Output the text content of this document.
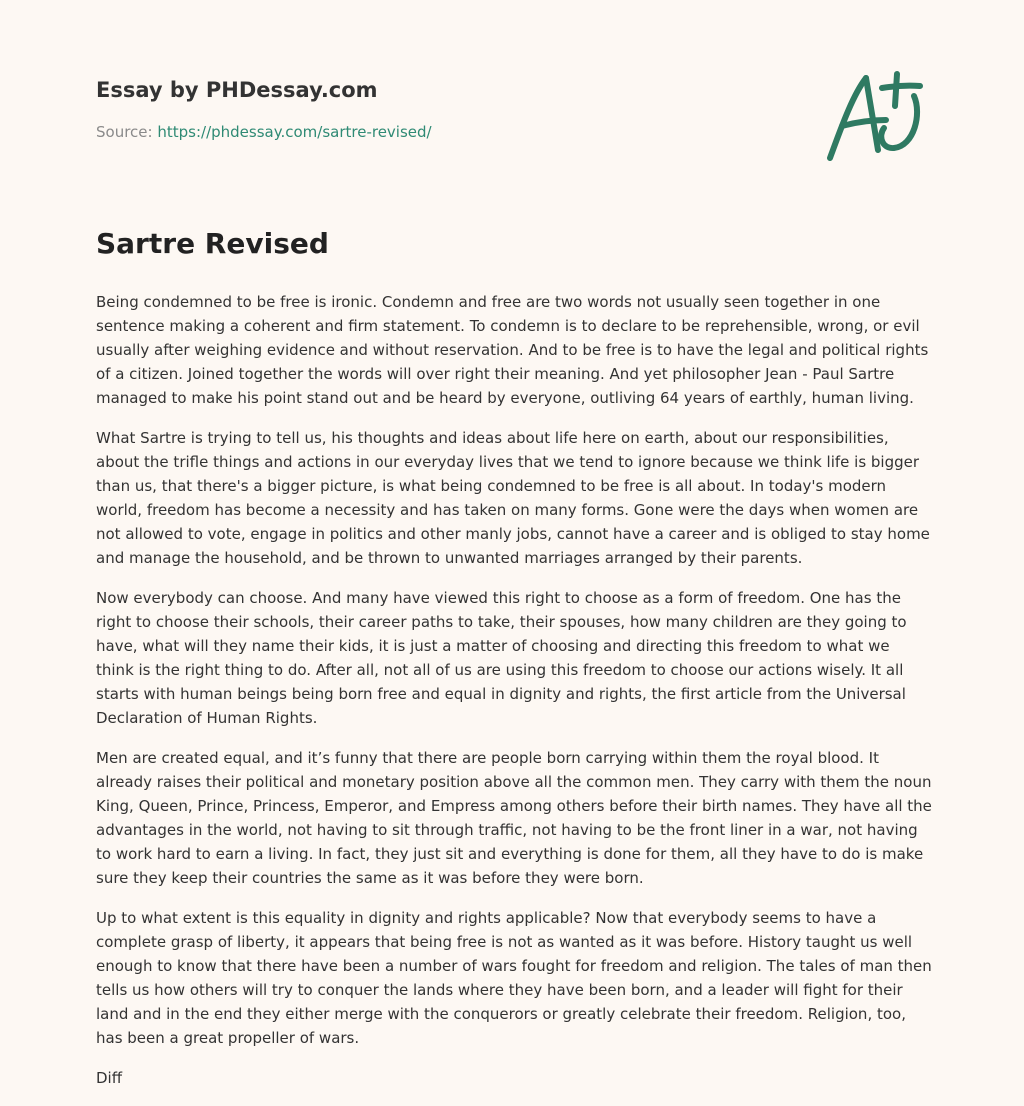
Essay by PHDessay.com
Source: https://phdessay.com/sartre-revised/
Sartre Revised

Being condemned to be free is ironic. Condemn and free are two words not usually seen together in one sentence making a coherent and firm statement. To condemn is to declare to be reprehensible, wrong, or evil usually after weighing evidence and without reservation. And to be free is to have the legal and political rights of a citizen. Joined together the words will over right their meaning. And yet philosopher Jean - Paul Sartre managed to make his point stand out and be heard by everyone, outliving 64 years of earthly, human living.

What Sartre is trying to tell us, his thoughts and ideas about life here on earth, about our responsibilities, about the trifle things and actions in our everyday lives that we tend to ignore because we think life is bigger than us, that there's a bigger picture, is what being condemned to be free is all about. In today's modern world, freedom has become a necessity and has taken on many forms. Gone were the days when women are not allowed to vote, engage in politics and other manly jobs, cannot have a career and is obliged to stay home and manage the household, and be thrown to unwanted marriages arranged by their parents.

Now everybody can choose. And many have viewed this right to choose as a form of freedom. One has the right to choose their schools, their career paths to take, their spouses, how many children are they going to have, what will they name their kids, it is just a matter of choosing and directing this freedom to what we think is the right thing to do. After all, not all of us are using this freedom to choose our actions wisely. It all starts with human beings being born free and equal in dignity and rights, the first article from the Universal Declaration of Human Rights.

Men are created equal, and it’s funny that there are people born carrying within them the royal blood. It already raises their political and monetary position above all the common men. They carry with them the noun King, Queen, Prince, Princess, Emperor, and Empress among others before their birth names. They have all the advantages in the world, not having to sit through traffic, not having to be the front liner in a war, not having to work hard to earn a living. In fact, they just sit and everything is done for them, all they have to do is make sure they keep their countries the same as it was before they were born.

Up to what extent is this equality in dignity and rights applicable? Now that everybody seems to have a complete grasp of liberty, it appears that being free is not as wanted as it was before. History taught us well enough to know that there have been a number of wars fought for freedom and religion. The tales of man then tells us how others will try to conquer the lands where they have been born, and a leader will fight for their land and in the end they either merge with the conquerors or greatly celebrate their freedom. Religion, too, has been a great propeller of wars.

Diff
